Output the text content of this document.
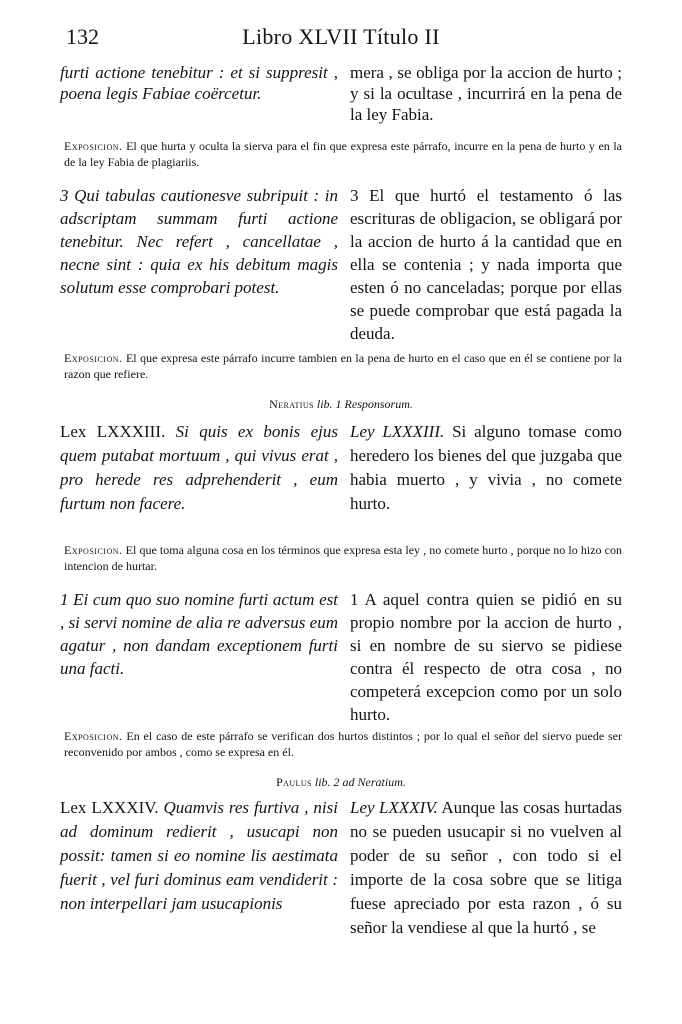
132	Libro XLVII Título II

furti actione tenebitur : et si suppresit , poena legis Fabiae coërcetur.

mera , se obliga por la accion de hurto ; y si la ocultase , incurrirá en la pena de la ley Fabia.

Exposicion. El que hurta y oculta la sierva para el fin que expresa este párrafo, incurre en la pena de hurto y en la de la ley Fabia de plagiariis.

3 Qui tabulas cautionesve subripuit : in adscriptam summam furti actione tenebitur. Nec refert , cancellatae , necne sint : quia ex his debitum magis solutum esse comprobari potest.

3 El que hurtó el testamento ó las escrituras de obligacion, se obligará por la accion de hurto á la cantidad que en ella se contenia ; y nada importa que esten ó no canceladas; porque por ellas se puede comprobar que está pagada la deuda.

Exposicion. El que expresa este párrafo incurre tambien en la pena de hurto en el caso que en él se contiene por la razon que refiere.

Neratius lib. 1 Responsorum.

Lex LXXXIII. Si quis ex bonis ejus quem putabat mortuum , qui vivus erat , pro herede res adprehenderit , eum furtum non facere.

Ley LXXXIII. Si alguno tomase como heredero los bienes del que juzgaba que habia muerto , y vivia , no comete hurto.

Exposicion. El que toma alguna cosa en los términos que expresa esta ley , no comete hurto , porque no lo hizo con intencion de hurtar.

1 Ei cum quo suo nomine furti actum est , si servi nomine de alia re adversus eum agatur , non dandam exceptionem furti una facti.

1 A aquel contra quien se pidió en su propio nombre por la accion de hurto , si en nombre de su siervo se pidiese contra él respecto de otra cosa , no competerá excepcion como por un solo hurto.

Exposicion. En el caso de este párrafo se verifican dos hurtos distintos ; por lo qual el señor del siervo puede ser reconvenido por ambos , como se expresa en él.

Paulus lib. 2 ad Neratium.

Lex LXXXIV. Quamvis res furtiva , nisi ad dominum redierit , usucapi non possit: tamen si eo nomine lis aestimata fuerit , vel furi dominus eam vendiderit : non interpellari jam usucapionis

Ley LXXXIV. Aunque las cosas hurtadas no se pueden usucapir si no vuelven al poder de su señor , con todo si el importe de la cosa sobre que se litiga fuese apreciado por esta razon , ó su señor la vendiese al que la hurtó , se
